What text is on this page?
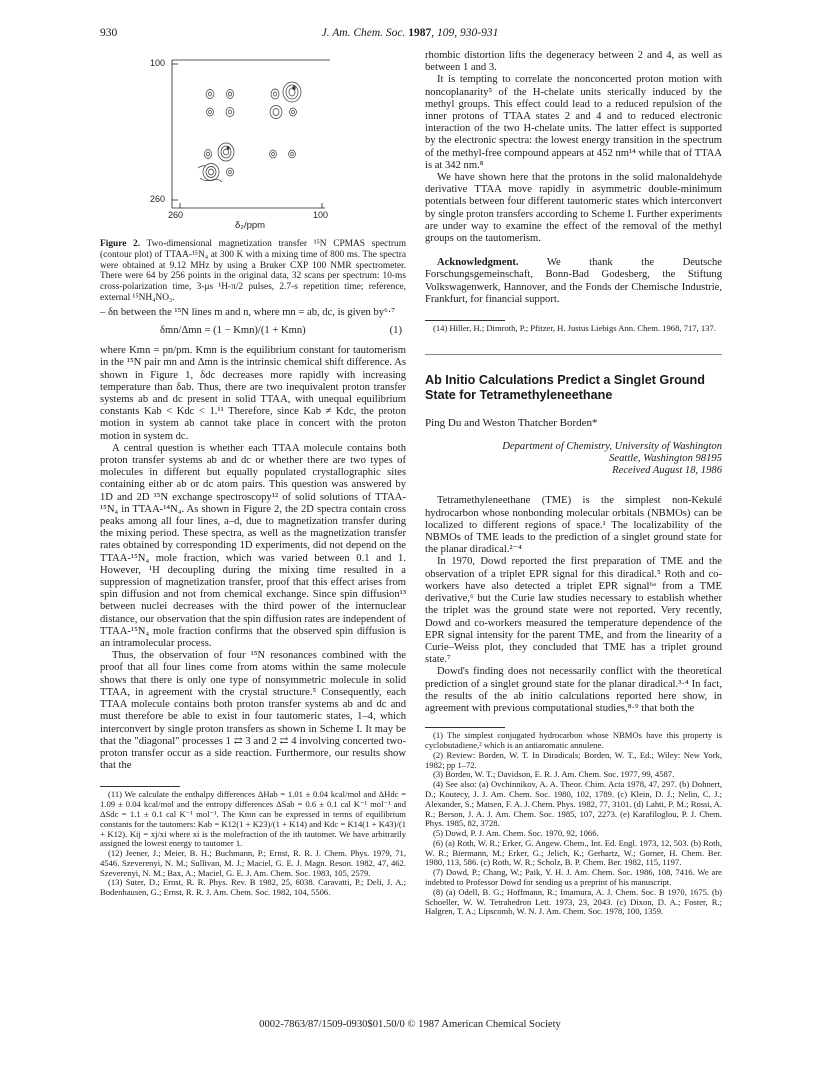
930	J. Am. Chem. Soc. 1987, 109, 930-931
100
260
260	100
δ₂/ppm
Figure 2. Two-dimensional magnetization transfer ¹⁵N CPMAS spectrum (contour plot) of TTAA-¹⁵N₄ at 300 K with a mixing time of 800 ms. The spectra were obtained at 9.12 MHz by using a Bruker CXP 100 NMR spectrometer. There were 64 by 256 points in the original data, 32 scans per spectrum: 10-ms cross-polarization time, 3-μs ¹H-π/2 pulses, 2.7-s repetition time; reference, external ¹⁵NH₄NO₃.

– δn between the ¹⁵N lines m and n, where mn = ab, dc, is given by⁶·⁷

δmn/Δmn = (1 − Kmn)/(1 + Kmn)	(1)

where Kmn = pn/pm. Kmn is the equilibrium constant for tautomerism in the ¹⁵N pair mn and Δmn is the intrinsic chemical shift difference. As shown in Figure 1, δdc decreases more rapidly with increasing temperature than δab. Thus, there are two inequivalent proton transfer systems ab and dc present in solid TTAA, with unequal equilibrium constants Kab < Kdc < 1.¹¹ Therefore, since Kab ≠ Kdc, the proton motion in system ab cannot take place in concert with the proton motion in system dc.

A central question is whether each TTAA molecule contains both proton transfer systems ab and dc or whether there are two types of molecules in different but equally populated crystallographic sites containing either ab or dc atom pairs. This question was answered by 1D and 2D ¹⁵N exchange spectroscopy¹² of solid solutions of TTAA-¹⁵N₄ in TTAA-¹⁴N₄. As shown in Figure 2, the 2D spectra contain cross peaks among all four lines, a–d, due to magnetization transfer during the mixing period. These spectra, as well as the magnetization transfer rates obtained by corresponding 1D experiments, did not depend on the TTAA-¹⁵N₄ mole fraction, which was varied between 0.1 and 1. However, ¹H decoupling during the mixing time resulted in a suppression of magnetization transfer, proof that this effect arises from spin diffusion and not from chemical exchange. Since spin diffusion¹³ between nuclei decreases with the third power of the internuclear distance, our observation that the spin diffusion rates are independent of TTAA-¹⁵N₄ mole fraction confirms that the observed spin diffusion is an intramolecular process.

Thus, the observation of four ¹⁵N resonances combined with the proof that all four lines come from atoms within the same molecule shows that there is only one type of nonsymmetric molecule in solid TTAA, in agreement with the crystal structure.⁵ Consequently, each TTAA molecule contains both proton transfer systems ab and dc and must therefore be able to exist in four tautomeric states, 1–4, which interconvert by single proton transfers as shown in Scheme I. It may be that the "diagonal" processes 1 ⇄ 3 and 2 ⇄ 4 involving concerted two-proton transfer occur as a side reaction. Furthermore, our results show that the

(11) We calculate the enthalpy differences ΔHab = 1.01 ± 0.04 kcal/mol and ΔHdc = 1.09 ± 0.04 kcal/mol and the entropy differences ΔSab = 0.6 ± 0.1 cal K⁻¹ mol⁻¹ and ΔSdc = 1.1 ± 0.1 cal K⁻¹ mol⁻¹. The Kmn can be expressed in terms of equilibrium constants for the tautomers: Kab = K12(1 + K23)/(1 + K14) and Kdc = K14(1 + K43)/(1 + K12). Kij = xj/xi where xi is the molefraction of the ith tautomer. We have arbitrarily assigned the lowest energy to tautomer 1.

(12) Jeener, J.; Meier, B. H.; Buchmann, P.; Ernst, R. R. J. Chem. Phys. 1979, 71, 4546. Szeverenyi, N. M.; Sullivan, M. J.; Maciel, G. E. J. Magn. Reson. 1982, 47, 462. Szeverenyi, N. M.; Bax, A.; Maciel, G. E. J. Am. Chem. Soc. 1983, 105, 2579.

(13) Suter, D.; Ernst, R. R. Phys. Rev. B 1982, 25, 6038. Caravatti, P.; Deli, J. A.; Bodenhausen, G.; Ernst, R. R. J. Am. Chem. Soc. 1982, 104, 5506.

rhombic distortion lifts the degeneracy between 2 and 4, as well as between 1 and 3.

It is tempting to correlate the nonconcerted proton motion with noncoplanarity⁵ of the H-chelate units sterically induced by the methyl groups. This effect could lead to a reduced repulsion of the inner protons of TTAA states 2 and 4 and to reduced electronic interaction of the two H-chelate units. The latter effect is supported by the electronic spectra: the lowest energy transition in the spectrum of the methyl-free compound appears at 452 nm¹⁴ while that of TTAA is at 342 nm.⁸

We have shown here that the protons in the solid malonaldehyde derivative TTAA move rapidly in asymmetric double-minimum potentials between four different tautomeric states which interconvert by single proton transfers according to Scheme I. Further experiments are under way to examine the effect of the removal of the methyl groups on the tautomerism.

Acknowledgment.	We thank the Deutsche Forschungsgemeinschaft, Bonn-Bad Godesberg, the Stiftung Volkswagenwerk, Hannover, and the Fonds der Chemische Industrie, Frankfurt, for financial support.

(14) Hiller, H.; Dimroth, P.; Pfitzer, H. Justus Liebigs Ann. Chem. 1968, 717, 137.

Ab Initio Calculations Predict a Singlet Ground State for Tetramethyleneethane
Ping Du and Weston Thatcher Borden*
Department of Chemistry, University of Washington
Seattle, Washington 98195
Received August 18, 1986

Tetramethyleneethane (TME) is the simplest non-Kekulé hydrocarbon whose nonbonding molecular orbitals (NBMOs) can be localized to different regions of space.¹ The localizability of the NBMOs of TME leads to the prediction of a singlet ground state for the planar diradical.²⁻⁴

In 1970, Dowd reported the first preparation of TME and the observation of a triplet EPR signal for this diradical.⁵ Roth and co-workers have also detected a triplet EPR signal⁶ᵃ from a TME derivative,⁶ but the Curie law studies necessary to establish whether the triplet was the ground state were not reported. Very recently, Dowd and co-workers measured the temperature dependence of the EPR signal intensity for the parent TME, and from the linearity of a Curie–Weiss plot, they concluded that TME has a triplet ground state.⁷

Dowd's finding does not necessarily conflict with the theoretical prediction of a singlet ground state for the planar diradical.³·⁴ In fact, the results of the ab initio calculations reported here show, in agreement with previous computational studies,⁸·⁹ that both the

(1) The simplest conjugated hydrocarbon whose NBMOs have this property is cyclobutadiene,² which is an antiaromatic annulene.

(2) Review: Borden, W. T. In Diradicals; Borden, W. T., Ed.; Wiley: New York, 1982; pp 1–72.

(3) Borden, W. T.; Davidson, E. R. J. Am. Chem. Soc. 1977, 99, 4587.

(4) See also: (a) Ovchinnikov, A. A. Theor. Chim. Acta 1978, 47, 297. (b) Dohnert, D.; Koutecy, J. J. Am. Chem. Soc. 1980, 102, 1789. (c) Klein, D. J.; Nelin, C. J.; Alexander, S.; Matsen, F. A. J. Chem. Phys. 1982, 77, 3101. (d) Lahti, P. M.; Rossi, A. R.; Berson, J. A. J. Am. Chem. Soc. 1985, 107, 2273. (e) Karafiloglou, P. J. Chem. Phys. 1985, 82, 3728.

(5) Dowd, P. J. Am. Chem. Soc. 1970, 92, 1066.

(6) (a) Roth, W. R.; Erker, G. Angew. Chem., Int. Ed. Engl. 1973, 12, 503. (b) Roth, W. R.; Biermann, M.; Erker, G.; Jelich, K.; Gerhartz, W.; Gorner, H. Chem. Ber. 1980, 113, 586. (c) Roth, W. R.; Scholz, B. P. Chem. Ber. 1982, 115, 1197.

(7) Dowd, P.; Chang, W.; Paik, Y. H. J. Am. Chem. Soc. 1986, 108, 7416. We are indebted to Professor Dowd for sending us a preprint of his manuscript.

(8) (a) Odell, B. G.; Hoffmann, R.; Imamura, A. J. Chem. Soc. B 1970, 1675. (b) Schoeller, W. W. Tetrahedron Lett. 1973, 23, 2043. (c) Dixon, D. A.; Foster, R.; Halgren, T. A.; Lipscomb, W. N. J. Am. Chem. Soc. 1978, 100, 1359.

0002-7863/87/1509-0930$01.50/0 © 1987 American Chemical Society
